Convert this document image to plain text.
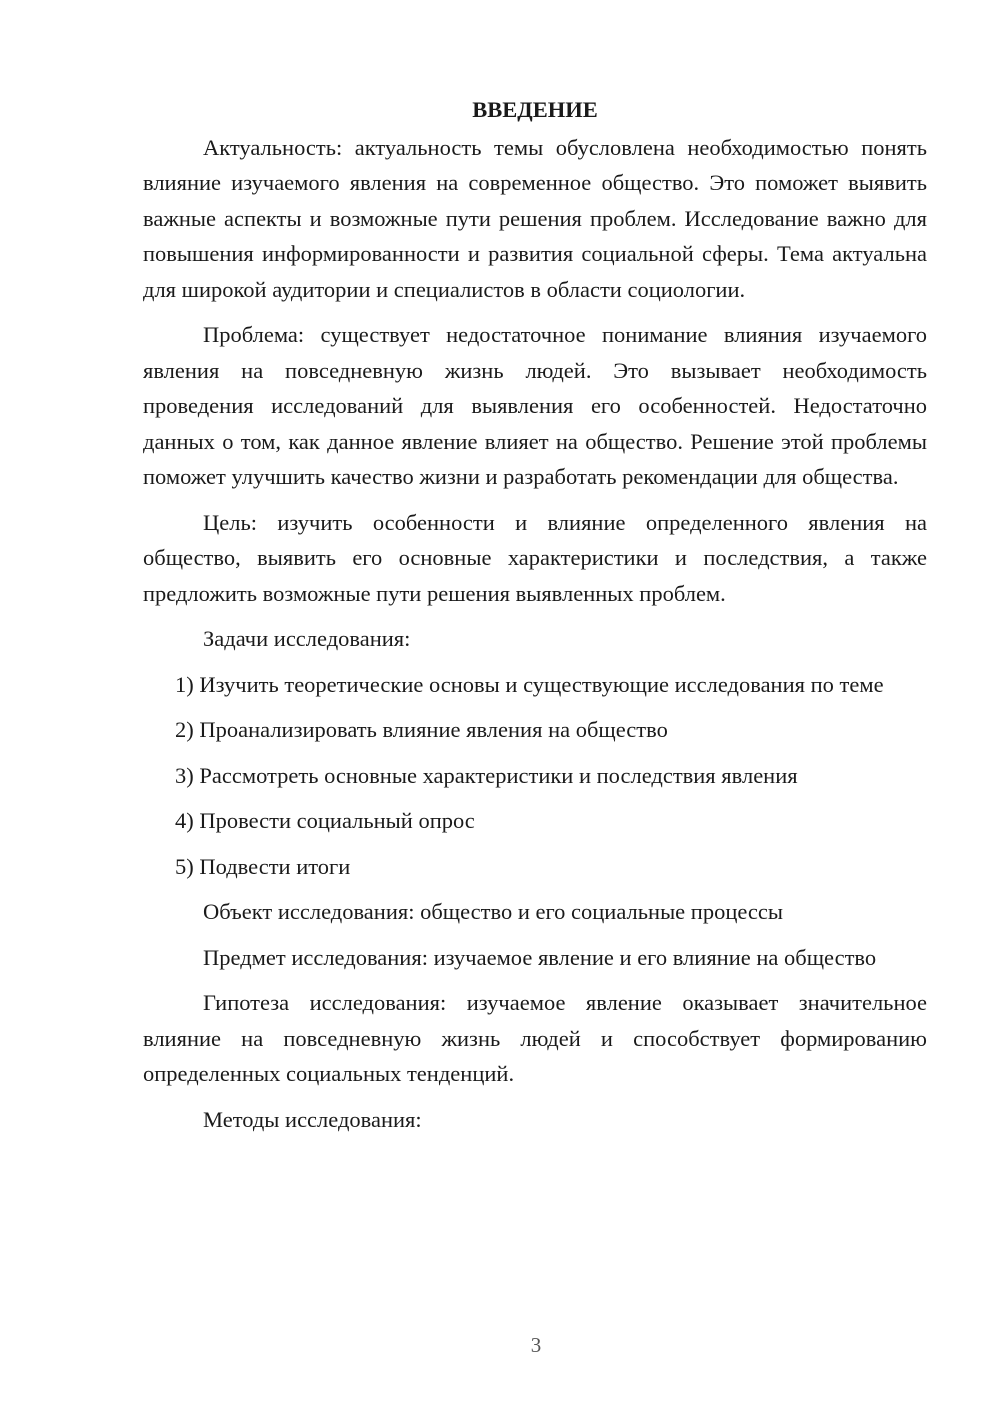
ВВЕДЕНИЕ

Актуальность: актуальность темы обусловлена необходимостью понять влияние изучаемого явления на современное общество. Это поможет выявить важные аспекты и возможные пути решения проблем. Исследование важно для повышения информированности и развития социальной сферы. Тема актуальна для широкой аудитории и специалистов в области социологии.

Проблема: существует недостаточное понимание влияния изучаемого явления на повседневную жизнь людей. Это вызывает необходимость проведения исследований для выявления его особенностей. Недостаточно данных о том, как данное явление влияет на общество. Решение этой проблемы поможет улучшить качество жизни и разработать рекомендации для общества.

Цель: изучить особенности и влияние определенного явления на общество, выявить его основные характеристики и последствия, а также предложить возможные пути решения выявленных проблем.

Задачи исследования:

1) Изучить теоретические основы и существующие исследования по теме

2) Проанализировать влияние явления на общество

3) Рассмотреть основные характеристики и последствия явления

4) Провести социальный опрос

5) Подвести итоги

Объект исследования: общество и его социальные процессы

Предмет исследования: изучаемое явление и его влияние на общество

Гипотеза исследования: изучаемое явление оказывает значительное влияние на повседневную жизнь людей и способствует формированию определенных социальных тенденций.

Методы исследования:

3
